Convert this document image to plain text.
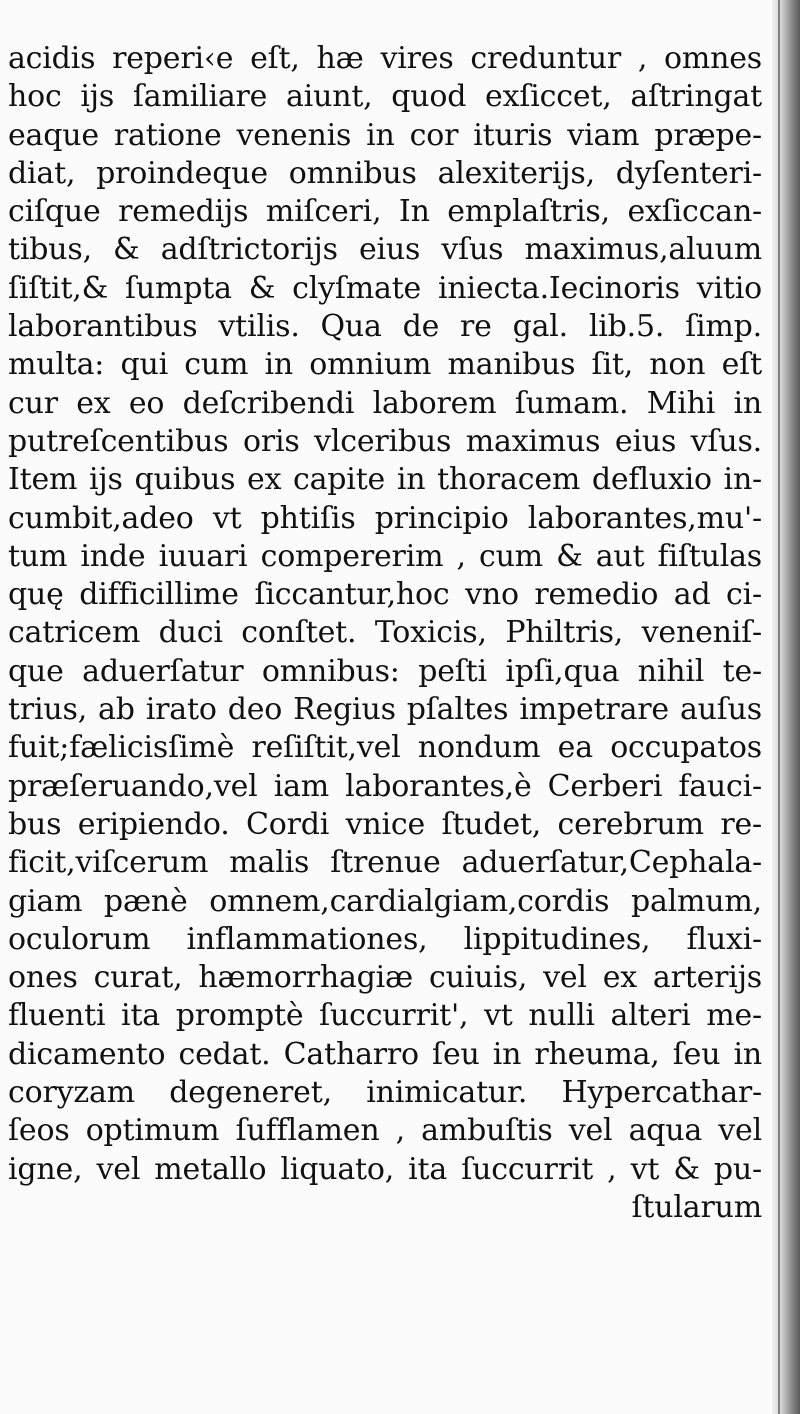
acidis reperi‹e eſt, hæ vires creduntur , omnes
hoc ijs ſamiliare aiunt, quod exſiccet, aſtringat
eaque ratione venenis in cor ituris viam præpe-
diat, proindeque omnibus alexiterijs, dyſenteri-
ciſque remedijs miſceri, In emplaſtris, exſiccan-
tibus, & adſtrictorijs eius vſus maximus,aluum
ſiſtit,& ſumpta & clyſmate iniecta.Iecinoris vitio
laborantibus vtilis. Qua de re gal. lib.5. ſimp.
multa: qui cum in omnium manibus ſit, non eſt
cur ex eo deſcribendi laborem ſumam. Mihi in
putreſcentibus oris vlceribus maximus eius vſus.
Item ijs quibus ex capite in thoracem defluxio in-
cumbit,adeo vt phtiſis principio laborantes,mu'-
tum inde iuuari compererim , cum & aut fiſtulas
quę difficillime ſiccantur,hoc vno remedio ad ci-
catricem duci conſtet. Toxicis, Philtris, veneniſ-
que aduerſatur omnibus: peſti ipſi,qua nihil te-
trius, ab irato deo Regius pſaltes impetrare auſus
fuit;fælicisſimè reſiſtit,vel nondum ea occupatos
præſeruando,vel iam laborantes,è Cerberi fauci-
bus eripiendo. Cordi vnice ſtudet, cerebrum re-
ficit,viſcerum malis ſtrenue aduerſatur,Cephala-
giam pænè omnem,cardialgiam,cordis palmum,
oculorum inflammationes, lippitudines, fluxi-
ones curat, hæmorrhagiæ cuiuis, vel ex arterijs
fluenti ita promptè ſuccurrit', vt nulli alteri me-
dicamento cedat. Catharro ſeu in rheuma, ſeu in
coryzam degeneret, inimicatur. Hypercathar-
ſeos optimum ſufflamen , ambuſtis vel aqua vel
igne, vel metallo liquato, ita ſuccurrit , vt & pu-
ſtularum
